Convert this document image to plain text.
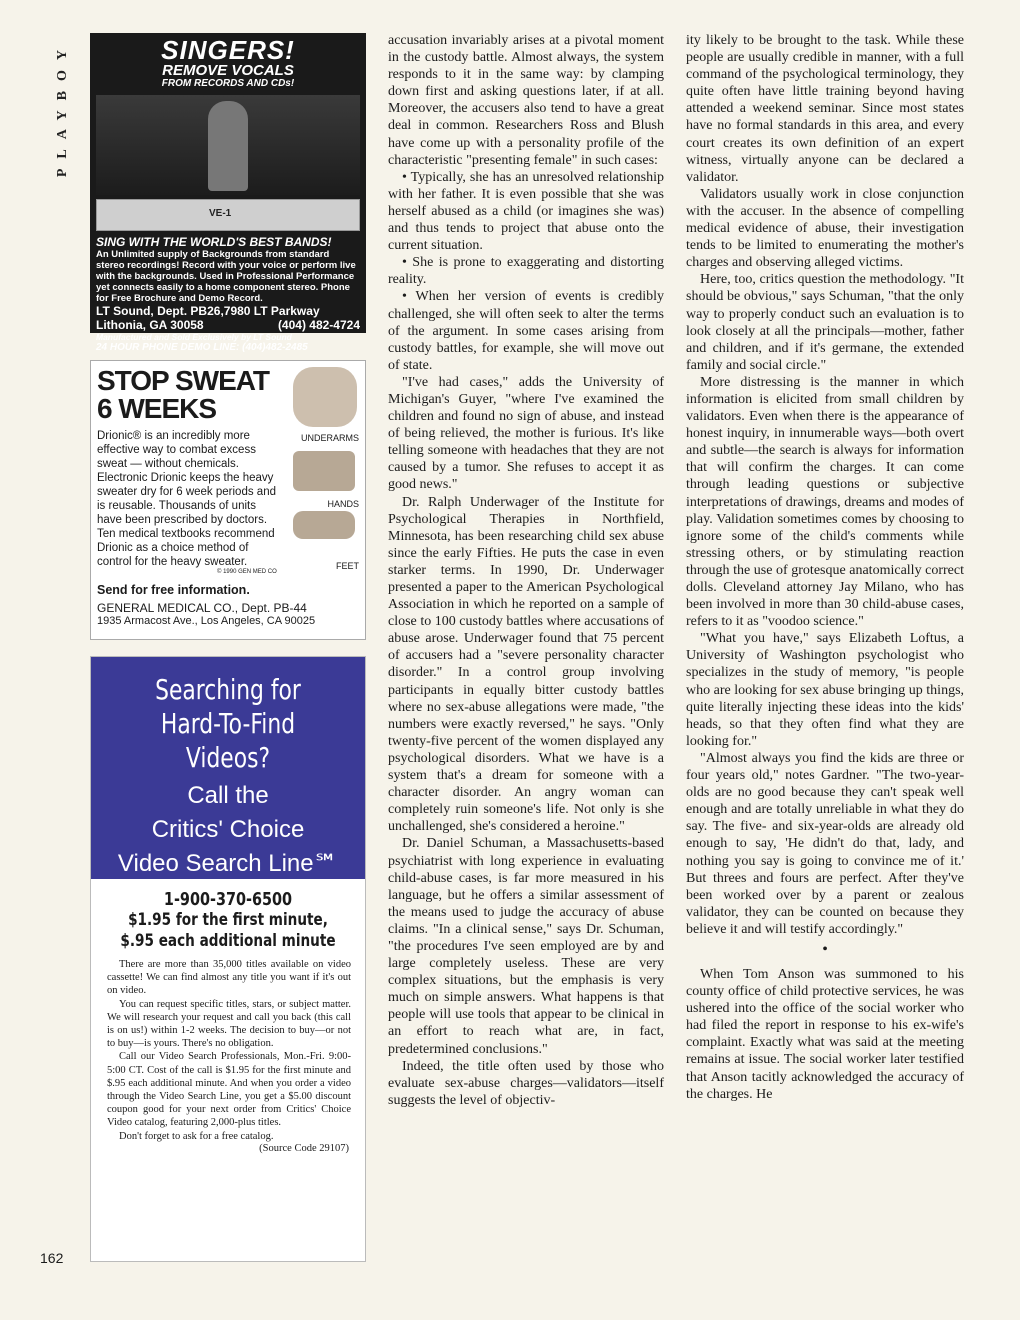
PLAYBOY
162
SINGERS!
REMOVE VOCALS
FROM RECORDS AND CDs!
VE-1
SING WITH THE WORLD'S BEST BANDS!
An Unlimited supply of Backgrounds from standard stereo recordings! Record with your voice or perform live with the backgrounds. Used in Professional Performance yet connects easily to a home component stereo. Phone for Free Brochure and Demo Record.
LT Sound, Dept. PB26,7980 LT Parkway
Lithonia, GA 30058	(404) 482-4724
Manufactured and Sold Exclusively by LT Sound
24 HOUR PHONE DEMO LINE: (404)482-2485
STOP SWEAT
6 WEEKS
UNDERARMS
HANDS
FEET
Drionic® is an incredibly more effective way to combat excess sweat — without chemicals. Electronic Drionic keeps the heavy sweater dry for 6 week periods and is reusable. Thousands of units have been prescribed by doctors. Ten medical textbooks recommend Drionic as a choice method of control for the heavy sweater.
© 1990 GEN MED CO
Send for free information.
GENERAL MEDICAL CO., Dept. PB-44
1935 Armacost Ave., Los Angeles, CA 90025
Searching for
Hard-To-Find Videos?
Call the
Critics' Choice
Video Search Line℠
1-900-370-6500
$1.95 for the first minute,
$.95 each additional minute

There are more than 35,000 titles available on video cassette! We can find almost any title you want if it's out on video.

You can request specific titles, stars, or subject matter. We will research your request and call you back (this call is on us!) within 1-2 weeks. The decision to buy—or not to buy—is yours. There's no obligation.

Call our Video Search Professionals, Mon.-Fri. 9:00-5:00 CT. Cost of the call is $1.95 for the first minute and $.95 each additional minute. And when you order a video through the Video Search Line, you get a $5.00 discount coupon good for your next order from Critics' Choice Video catalog, featuring 2,000-plus titles.

Don't forget to ask for a free catalog.

(Source Code 29107)

accusation invariably arises at a pivotal moment in the custody battle. Almost always, the system responds to it in the same way: by clamping down first and asking questions later, if at all. Moreover, the accusers also tend to have a great deal in common. Researchers Ross and Blush have come up with a personality profile of the characteristic "presenting female" in such cases:

• Typically, she has an unresolved relationship with her father. It is even possible that she was herself abused as a child (or imagines she was) and thus tends to project that abuse onto the current situation.

• She is prone to exaggerating and distorting reality.

• When her version of events is credibly challenged, she will often seek to alter the terms of the argument. In some cases arising from custody battles, for example, she will move out of state.

"I've had cases," adds the University of Michigan's Guyer, "where I've examined the children and found no sign of abuse, and instead of being relieved, the mother is furious. It's like telling someone with headaches that they are not caused by a tumor. She refuses to accept it as good news."

Dr. Ralph Underwager of the Institute for Psychological Therapies in Northfield, Minnesota, has been researching child sex abuse since the early Fifties. He puts the case in even starker terms. In 1990, Dr. Underwager presented a paper to the American Psychological Association in which he reported on a sample of close to 100 custody battles where accusations of abuse arose. Underwager found that 75 percent of accusers had a "severe personality character disorder." In a control group involving participants in equally bitter custody battles where no sex-abuse allegations were made, "the numbers were exactly reversed," he says. "Only twenty-five percent of the women displayed any psychological disorders. What we have is a system that's a dream for someone with a character disorder. An angry woman can completely ruin someone's life. Not only is she unchallenged, she's considered a heroine."

Dr. Daniel Schuman, a Massachusetts-based psychiatrist with long experience in evaluating child-abuse cases, is far more measured in his language, but he offers a similar assessment of the means used to judge the accuracy of abuse claims. "In a clinical sense," says Dr. Schuman, "the procedures I've seen employed are by and large completely useless. These are very complex situations, but the emphasis is very much on simple answers. What happens is that people will use tools that appear to be clinical in an effort to reach what are, in fact, predetermined conclusions."

Indeed, the title often used by those who evaluate sex-abuse charges—validators—itself suggests the level of objectiv-

ity likely to be brought to the task. While these people are usually credible in manner, with a full command of the psychological terminology, they quite often have little training beyond having attended a weekend seminar. Since most states have no formal standards in this area, and every court creates its own definition of an expert witness, virtually anyone can be declared a validator.

Validators usually work in close conjunction with the accuser. In the absence of compelling medical evidence of abuse, their investigation tends to be limited to enumerating the mother's charges and observing alleged victims.

Here, too, critics question the methodology. "It should be obvious," says Schuman, "that the only way to properly conduct such an evaluation is to look closely at all the principals—mother, father and children, and if it's germane, the extended family and social circle."

More distressing is the manner in which information is elicited from small children by validators. Even when there is the appearance of honest inquiry, in innumerable ways—both overt and subtle—the search is always for information that will confirm the charges. It can come through leading questions or subjective interpretations of drawings, dreams and modes of play. Validation sometimes comes by choosing to ignore some of the child's comments while stressing others, or by stimulating reaction through the use of grotesque anatomically correct dolls. Cleveland attorney Jay Milano, who has been involved in more than 30 child-abuse cases, refers to it as "voodoo science."

"What you have," says Elizabeth Loftus, a University of Washington psychologist who specializes in the study of memory, "is people who are looking for sex abuse bringing up things, quite literally injecting these ideas into the kids' heads, so that they often find what they are looking for."

"Almost always you find the kids are three or four years old," notes Gardner. "The two-year-olds are no good because they can't speak well enough and are totally unreliable in what they do say. The five- and six-year-olds are already old enough to say, 'He didn't do that, lady, and nothing you say is going to convince me of it.' But threes and fours are perfect. After they've been worked over by a parent or zealous validator, they can be counted on because they believe it and will testify accordingly."

•

When Tom Anson was summoned to his county office of child protective services, he was ushered into the office of the social worker who had filed the report in response to his ex-wife's complaint. Exactly what was said at the meeting remains at issue. The social worker later testified that Anson tacitly acknowledged the accuracy of the charges. He
